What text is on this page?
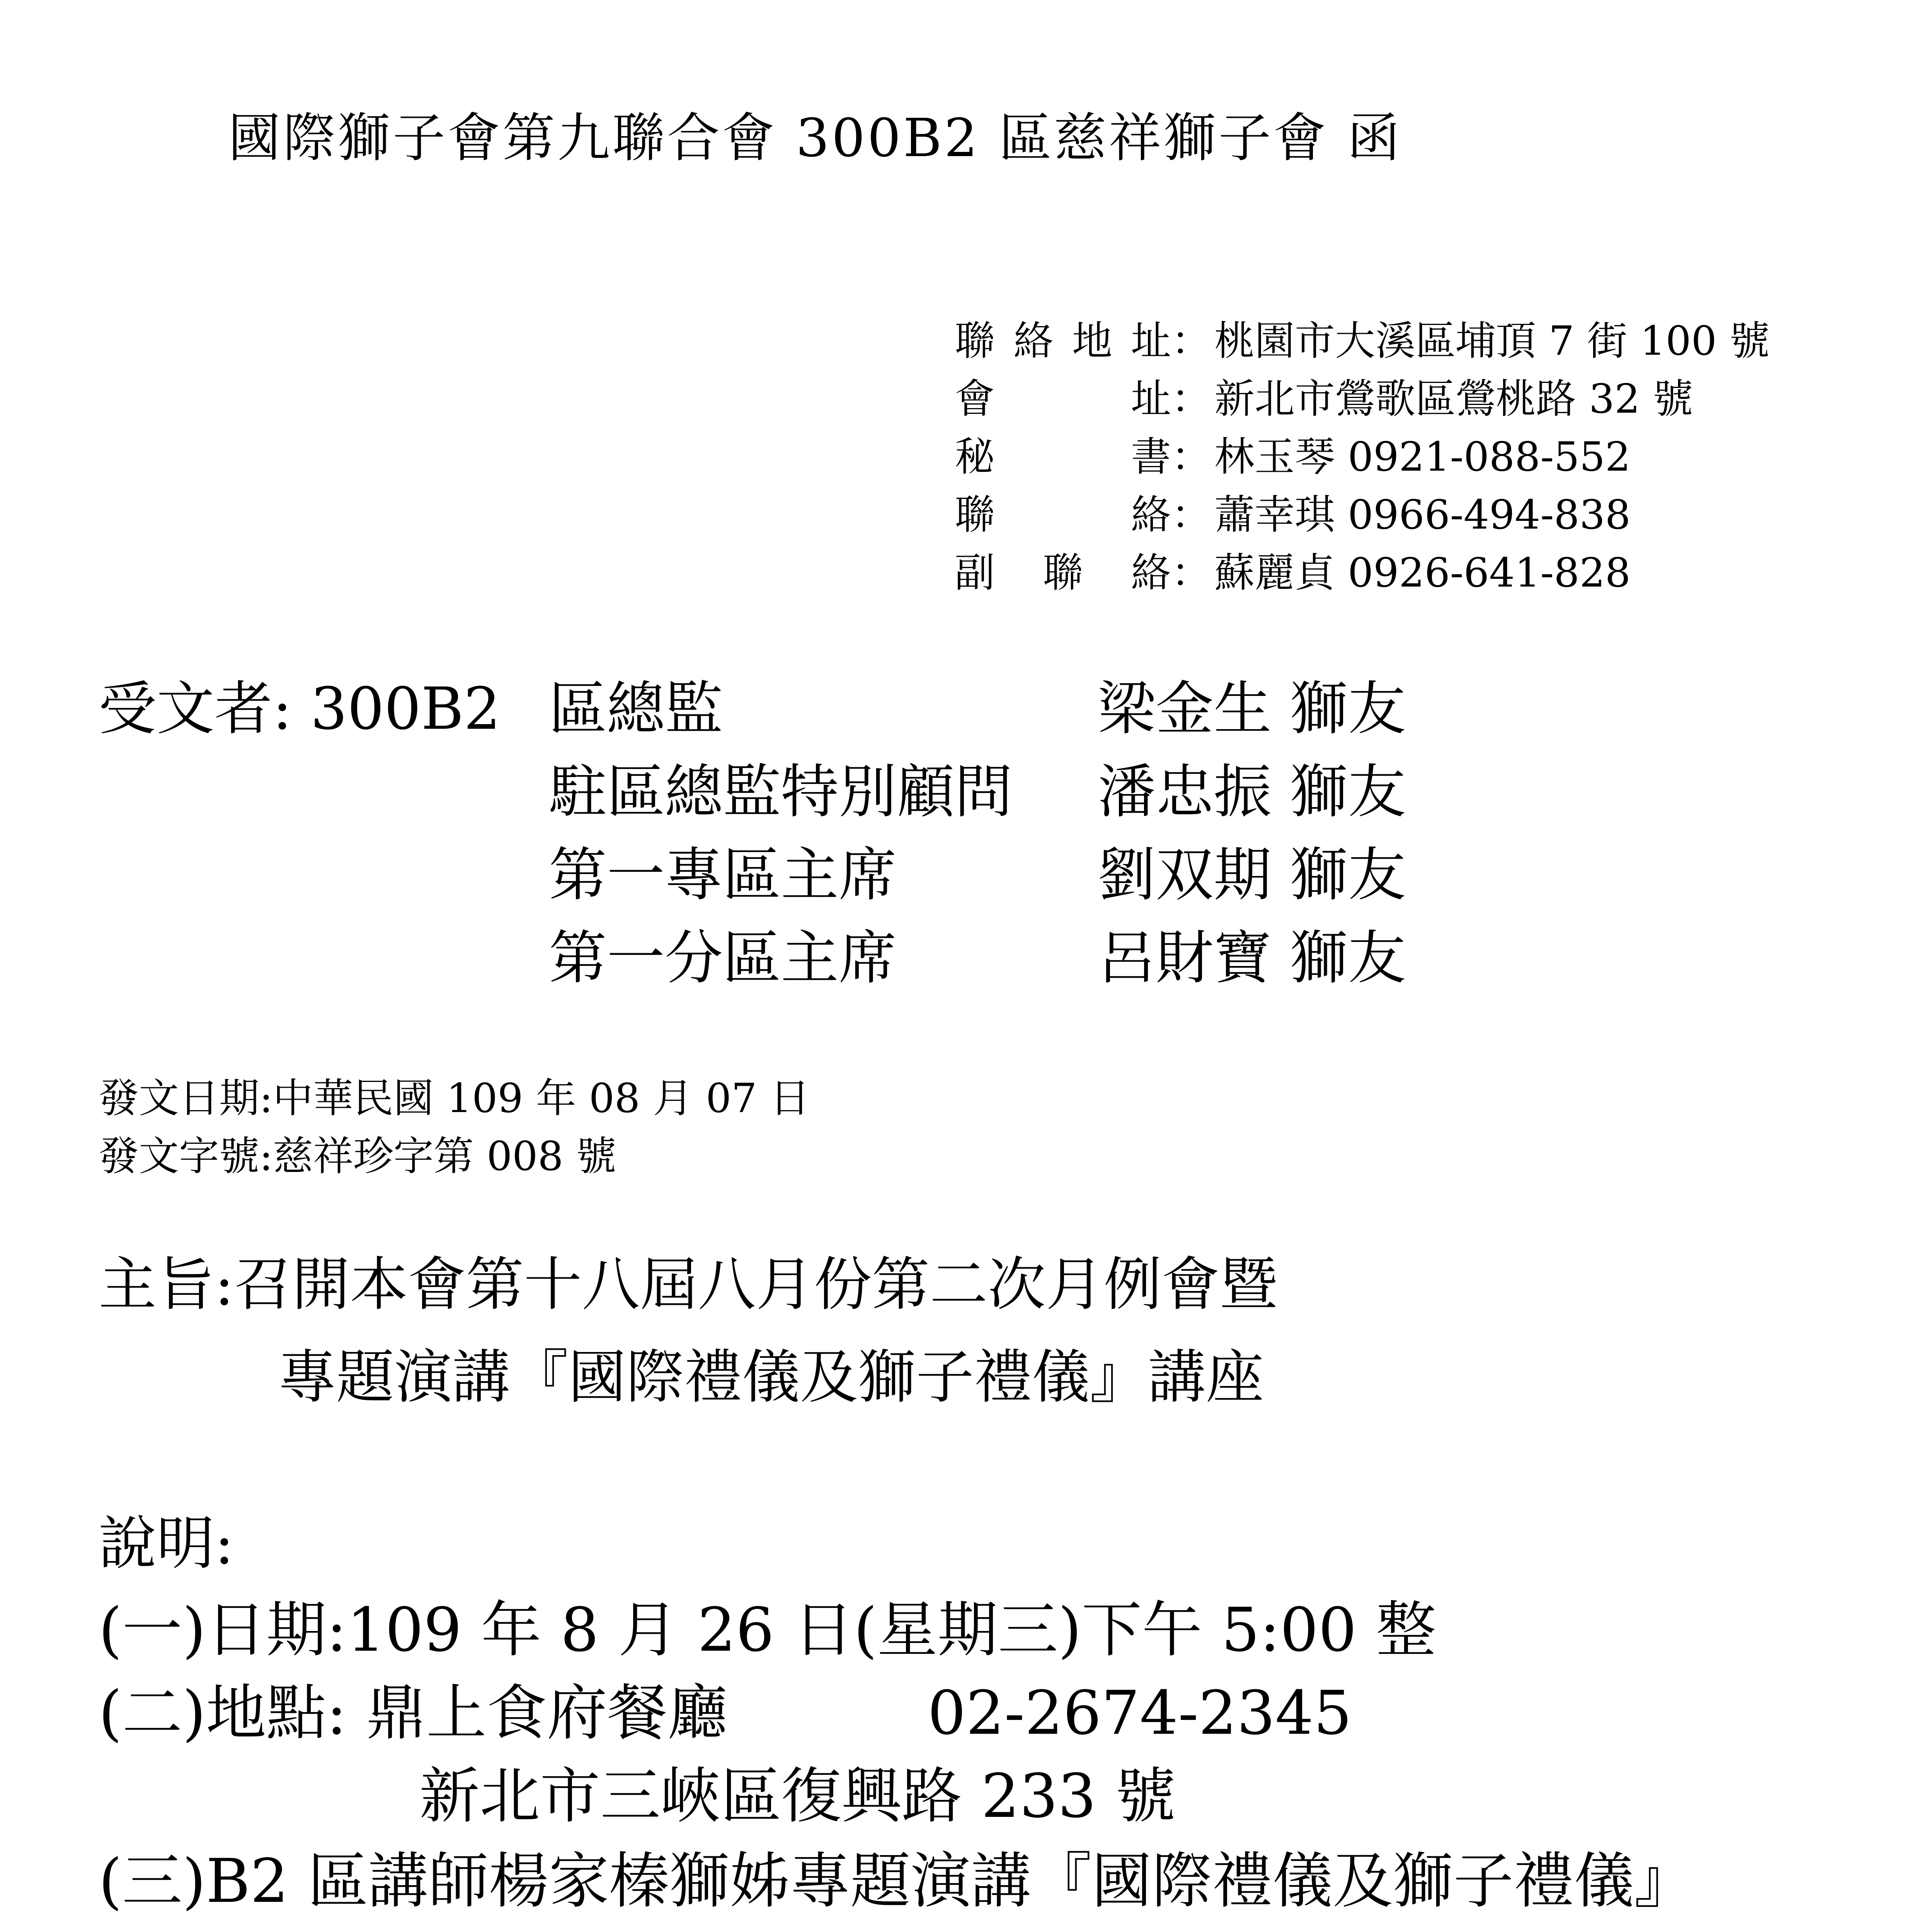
國際獅子會第九聯合會 300B2 區慈祥獅子會 函
聯絡地址：桃園市大溪區埔頂 7 街 100 號
會址：新北市鶯歌區鶯桃路 32 號
秘書：林玉琴 0921-088-552
聯絡：蕭幸琪 0966-494-838
副聯絡：蘇麗貞 0926-641-828
受文者: 300B2 區總監	梁金生 獅友
駐區總監特別顧問 潘忠振 獅友
第一專區主席	劉双期 獅友
第一分區主席	呂財寶 獅友
發文日期:中華民國 109 年 08 月 07 日
發文字號:慈祥珍字第 008 號
主旨:召開本會第十八屆八月份第二次月例會暨
專題演講『國際禮儀及獅子禮儀』講座
說明:
(一)日期:109 年 8 月 26 日(星期三)下午 5:00 整
(二)地點: 鼎上食府餐廳	02-2674-2345
新北市三峽區復興路 233 號
(三)B2 區講師楊家榛獅姊專題演講『國際禮儀及獅子禮儀』
